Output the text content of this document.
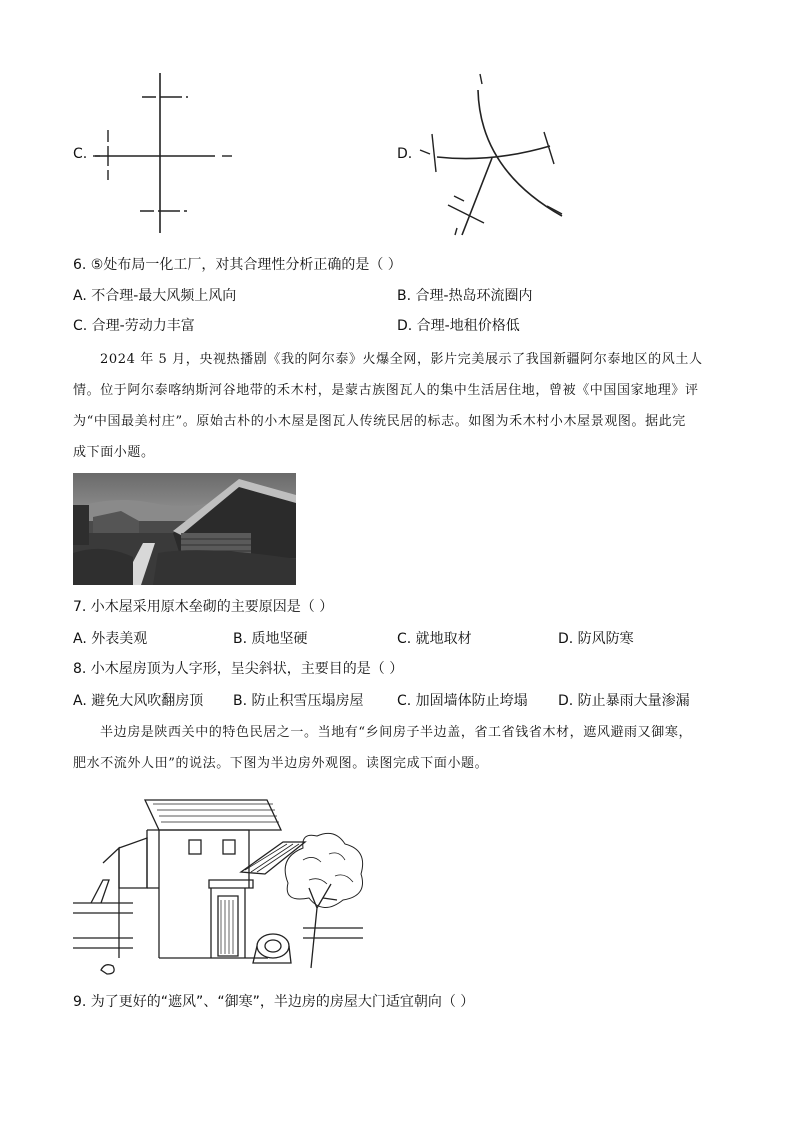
C.	D.
6. ⑤处布局一化工厂，对其合理性分析正确的是（ ）
A. 不合理-最大风频上风向	B. 合理-热岛环流圈内
C. 合理-劳动力丰富	D. 合理-地租价格低
2024 年 5 月，央视热播剧《我的阿尔泰》火爆全网，影片完美展示了我国新疆阿尔泰地区的风土人
情。位于阿尔泰喀纳斯河谷地带的禾木村，是蒙古族图瓦人的集中生活居住地，曾被《中国国家地理》评
为“中国最美村庄”。原始古朴的小木屋是图瓦人传统民居的标志。如图为禾木村小木屋景观图。据此完
成下面小题。
7. 小木屋采用原木垒砌的主要原因是（ ）
A. 外表美观	B. 质地坚硬	C. 就地取材	D. 防风防寒
8. 小木屋房顶为人字形，呈尖斜状，主要目的是（ ）
A. 避免大风吹翻房顶 B. 防止积雪压塌房屋 C. 加固墙体防止垮塌 D. 防止暴雨大量渗漏
半边房是陕西关中的特色民居之一。当地有“乡间房子半边盖，省工省钱省木材，遮风避雨又御寒，
肥水不流外人田”的说法。下图为半边房外观图。读图完成下面小题。
9. 为了更好的“遮风”、“御寒”，半边房的房屋大门适宜朝向（ ）
